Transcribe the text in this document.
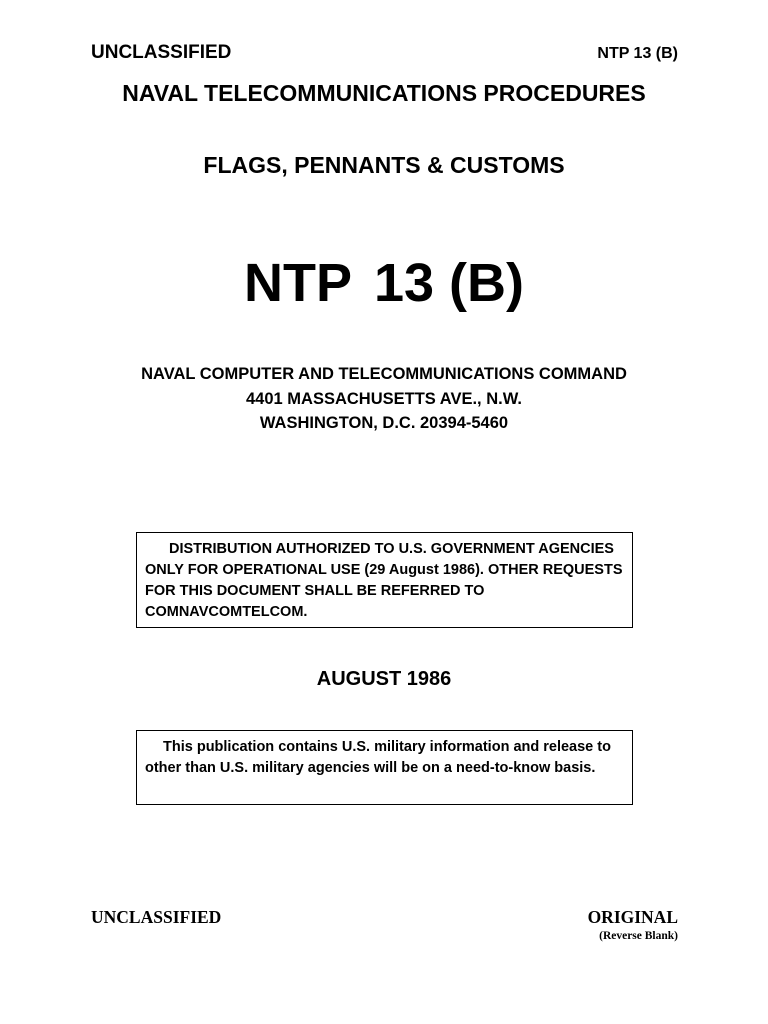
UNCLASSIFIED	NTP 13 (B)
NAVAL TELECOMMUNICATIONS PROCEDURES
FLAGS, PENNANTS & CUSTOMS
NTP 13 (B)
NAVAL COMPUTER AND TELECOMMUNICATIONS COMMAND
4401 MASSACHUSETTS AVE., N.W.
WASHINGTON, D.C. 20394-5460

DISTRIBUTION AUTHORIZED TO U.S. GOVERNMENT AGENCIES ONLY FOR OPERATIONAL USE (29 August 1986). OTHER REQUESTS FOR THIS DOCUMENT SHALL BE REFERRED TO COMNAVCOMTELCOM.

AUGUST 1986

This publication contains U.S. military information and release to other than U.S. military agencies will be on a need-to-know basis.

UNCLASSIFIED	ORIGINAL
(Reverse Blank)
